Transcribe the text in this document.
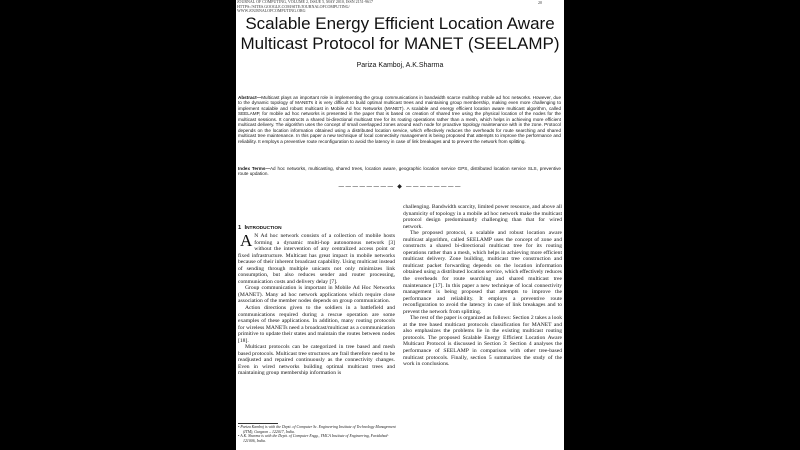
JOURNAL OF COMPUTING, VOLUME 2, ISSUE 5, MAY 2010, ISSN 2151-9617
HTTPS://SITES.GOOGLE.COM/SITE/JOURNALOFCOMPUTING/
WWW.JOURNALOFCOMPUTING.ORG
20
Scalable Energy Efficient Location Aware
Multicast Protocol for MANET (SEELAMP)
Pariza Kamboj, A.K.Sharma
Abstract—Multicast plays an important role in implementing the group communications in bandwidth scarce multihop mobile ad hoc networks. However, due to the dynamic topology of MANETs it is very difficult to build optimal multicast trees and maintaining group membership, making even more challenging to implement scalable and robust multicast in Mobile Ad hoc Networks (MANET). A scalable and energy efficient location aware multicast algorithm, called SEELAMP, for mobile ad hoc networks is presented in the paper that is based on creation of shared tree using the physical location of the nodes for the multicast sessions. It constructs a shared bi-directional multicast tree for its routing operations rather than a mesh, which helps in achieving more efficient multicast delivery. The algorithm uses the concept of small overlapped zones around each node for proactive topology maintenance with in the zone. Protocol depends on the location information obtained using a distributed location service, which effectively reduces the overheads for route searching and shared multicast tree maintenance. In this paper a new technique of local connectivity management is being proposed that attempts to improve the performance and reliability. It employs a preventive route reconfiguration to avoid the latency in case of link breakages and to prevent the network from splitting.
Index Terms—Ad hoc networks, multicasting, shared trees, location aware, geographic location service GPS, distributed location service SLS, preventive route updation.
———————— ◆ ————————
1 INTRODUCTION

A N Ad hoc network consists of a collection of mobile hosts forming a dynamic multi-hop autonomous network [3] without the intervention of any centralized access point or fixed infrastructure. Multicast has great impact in mobile networks because of their inherent broadcast capability. Using multicast instead of sending through multiple unicasts not only minimizes link consumption, but also reduces sender and router processing, communication costs and delivery delay [7].

Group communication is important in Mobile Ad Hoc Networks (MANET). Many ad hoc network applications which require close association of the member nodes depends on group communication.

Action directions given to the soldiers in a battlefield and communications required during a rescue operation are some examples of these applications. In addition, many routing protocols for wireless MANETs need a broadcast/multicast as a communication primitive to update their states and maintain the routes between nodes [18].

Multicast protocols can be categorized in tree based and mesh based protocols. Multicast tree structures are frail therefore need to be readjusted and repaired continuously as the connectivity changes. Even in wired networks building optimal multicast trees and maintaining group membership information is

challenging. Bandwidth scarcity, limited power resource, and above all dynamicity of topology in a mobile ad hoc network make the multicast protocol design predominantly challenging than that for wired network.

The proposed protocol, a scalable and robust location aware multicast algorithm, called SEELAMP uses the concept of zone and constructs a shared bi-directional multicast tree for its routing operations rather than a mesh, which helps in achieving more efficient multicast delivery. Zone building, multicast tree construction and multicast packet forwarding depends on the location information obtained using a distributed location service, which effectively reduces the overheads for route searching and shared multicast tree maintenance [17]. In this paper a new technique of local connectivity management is being proposed that attempts to improve the performance and reliability. It employs a preventive route reconfiguration to avoid the latency in case of link breakages and to prevent the network from splitting.

The rest of the paper is organized as follows: Section 2 takes a look at the tree based multicast protocols classification for MANET and also emphasizes the problems lie in the existing multicast routing protocols. The proposed Scalable Energy Efficient Location Aware Multicast Protocol is discussed in Section 3: Section 4 analyses the performance of SEELAMP in comparison with other tree-based multicast protocols. Finally, section 5 summarizes the study of the work in conclusions.

• Pariza Kamboj is with the Deptt. of Computer Sc. Engineering Institute of Technology Management (ITM), Gurgaon – 122017, India.
• A.K. Sharma is with the Deptt. of Computer Engg., YMCA Institute of Engineering, Faridabad-121006, India.
